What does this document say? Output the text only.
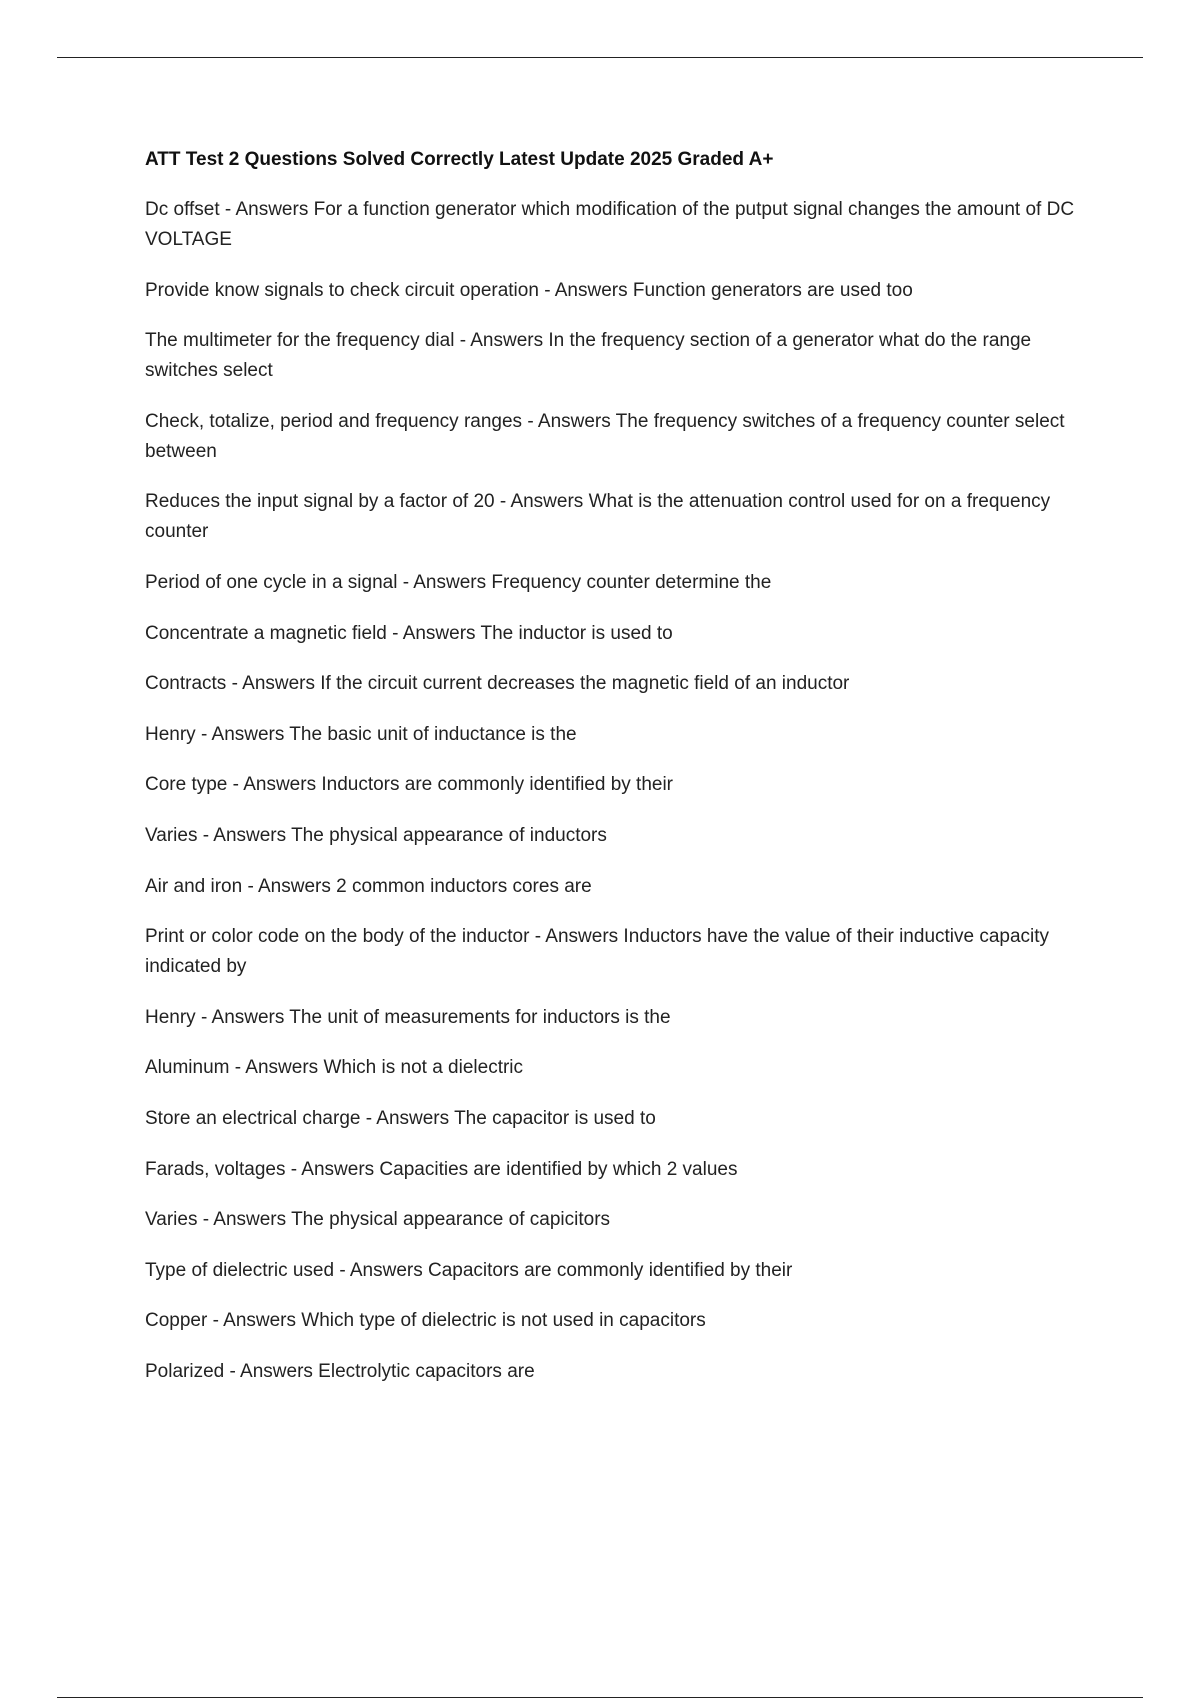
ATT Test 2 Questions Solved Correctly Latest Update 2025 Graded A+
Dc offset - Answers For a function generator which modification of the putput signal changes the amount of DC VOLTAGE
Provide know signals to check circuit operation - Answers Function generators are used too
The multimeter for the frequency dial - Answers In the frequency section of a generator what do the range switches select
Check, totalize, period and frequency ranges - Answers The frequency switches of a frequency counter select between
Reduces the input signal by a factor of 20 - Answers What is the attenuation control used for on a frequency counter
Period of one cycle in a signal - Answers Frequency counter determine the
Concentrate a magnetic field - Answers The inductor is used to
Contracts - Answers If the circuit current decreases the magnetic field of an inductor
Henry - Answers The basic unit of inductance is the
Core type - Answers Inductors are commonly identified by their
Varies - Answers The physical appearance of inductors
Air and iron - Answers 2 common inductors cores are
Print or color code on the body of the inductor - Answers Inductors have the value of their inductive capacity indicated by
Henry - Answers The unit of measurements for inductors is the
Aluminum - Answers Which is not a dielectric
Store an electrical charge - Answers The capacitor is used to
Farads, voltages - Answers Capacities are identified by which 2 values
Varies - Answers The physical appearance of capicitors
Type of dielectric used - Answers Capacitors are commonly identified by their
Copper - Answers Which type of dielectric is not used in capacitors
Polarized - Answers Electrolytic capacitors are
